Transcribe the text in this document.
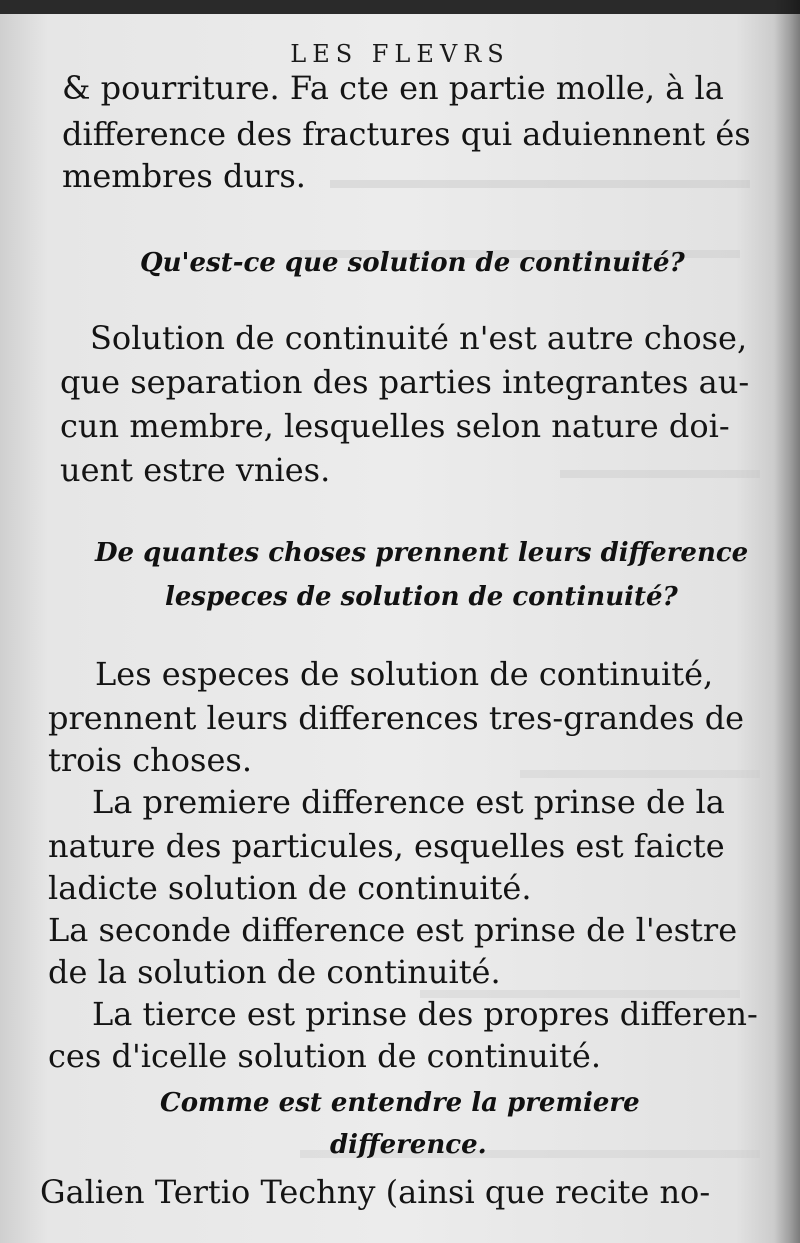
LES FLEVRS
& pourriture. Fa cte en partie molle, à la
difference des fractures qui aduiennent és
membres durs.
Qu'est-ce que solution de continuité?
Solution de continuité n'est autre chose,
que separation des parties integrantes au-
cun membre, lesquelles selon nature doi-
uent estre vnies.
De quantes choses prennent leurs difference
lespeces de solution de continuité?
Les especes de solution de continuité,
prennent leurs differences tres-grandes de
trois choses.
La premiere difference est prinse de la
nature des particules, esquelles est faicte
ladicte solution de continuité.
La seconde difference est prinse de l'estre
de la solution de continuité.
La tierce est prinse des propres differen-
ces d'icelle solution de continuité.
Comme est entendre la premiere
difference.
Galien Tertio Techny (ainsi que recite no-
